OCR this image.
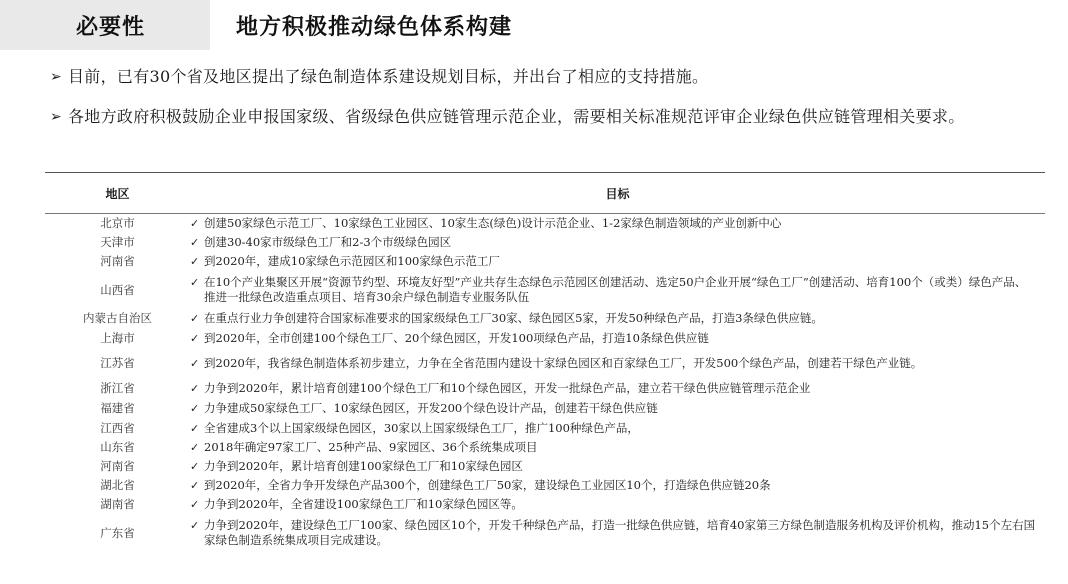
必要性	地方积极推动绿色体系构建
➢ 目前，已有30个省及地区提出了绿色制造体系建设规划目标，并出台了相应的支持措施。
➢ 各地方政府积极鼓励企业申报国家级、省级绿色供应链管理示范企业，需要相关标准规范评审企业绿色供应链管理相关要求。
地区	目标
北京市	✓ 创建50家绿色示范工厂、10家绿色工业园区、10家生态(绿色)设计示范企业、1-2家绿色制造领域的产业创新中心
天津市	✓ 创建30-40家市级绿色工厂和2-3个市级绿色园区
河南省	✓ 到2020年，建成10家绿色示范园区和100家绿色示范工厂
山西省	✓ 在10个产业集聚区开展“资源节约型、环境友好型”产业共存生态绿色示范园区创建活动、选定50户企业开展“绿色工厂”创建活动、培育100个（或类）绿色产品、推进一批绿色改造重点项目、培育30余户绿色制造专业服务队伍
内蒙古自治区	✓ 在重点行业力争创建符合国家标准要求的国家级绿色工厂30家、绿色园区5家，开发50种绿色产品，打造3条绿色供应链。
上海市	✓ 到2020年，全市创建100个绿色工厂、20个绿色园区，开发100项绿色产品，打造10条绿色供应链
江苏省	✓ 到2020年，我省绿色制造体系初步建立，力争在全省范围内建设十家绿色园区和百家绿色工厂，开发500个绿色产品，创建若干绿色产业链。
浙江省	✓ 力争到2020年，累计培育创建100个绿色工厂和10个绿色园区，开发一批绿色产品，建立若干绿色供应链管理示范企业
福建省	✓ 力争建成50家绿色工厂、10家绿色园区，开发200个绿色设计产品，创建若干绿色供应链
江西省	✓ 全省建成3个以上国家级绿色园区，30家以上国家级绿色工厂，推广100种绿色产品，
山东省	✓ 2018年确定97家工厂、25种产品、9家园区、36个系统集成项目
河南省	✓ 力争到2020年，累计培育创建100家绿色工厂和10家绿色园区
湖北省	✓ 到2020年，全省力争开发绿色产品300个，创建绿色工厂50家，建设绿色工业园区10个，打造绿色供应链20条
湖南省	✓ 力争到2020年，全省建设100家绿色工厂和10家绿色园区等。
广东省	✓ 力争到2020年，建设绿色工厂100家、绿色园区10个，开发千种绿色产品，打造一批绿色供应链，培育40家第三方绿色制造服务机构及评价机构，推动15个左右国家绿色制造系统集成项目完成建设。
